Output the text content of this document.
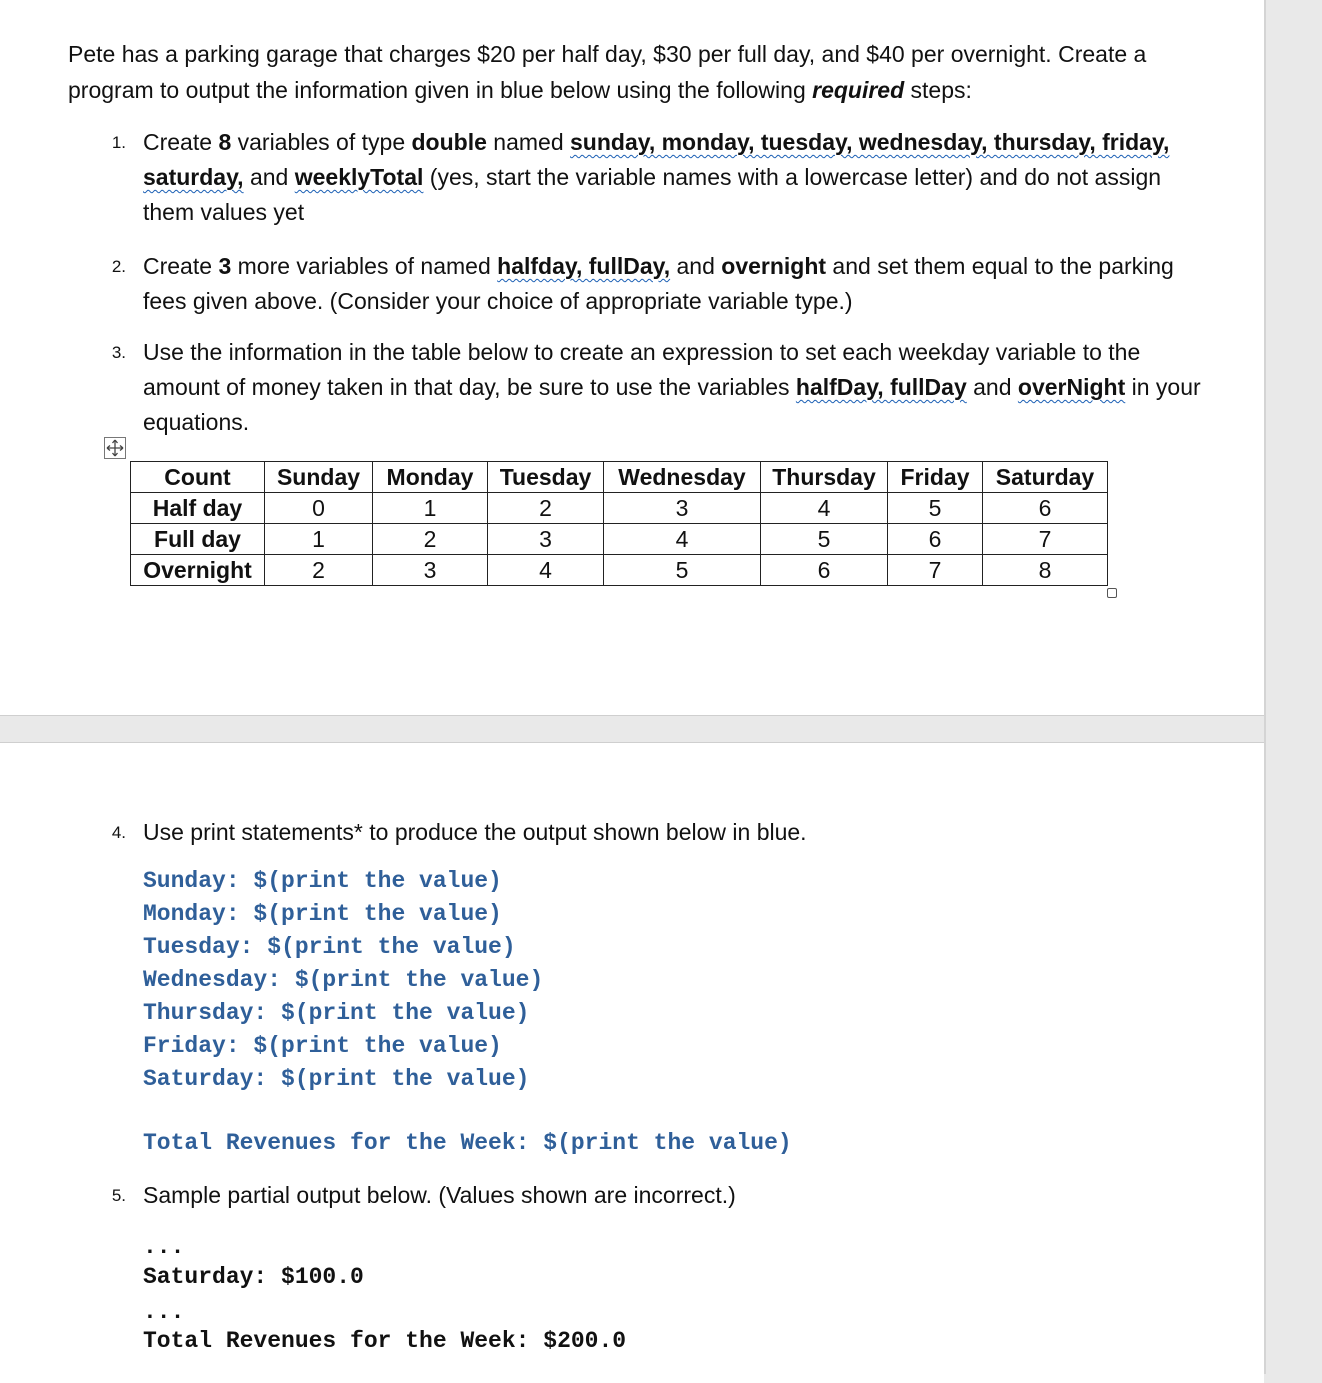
Pete has a parking garage that charges $20 per half day, $30 per full day, and $40 per overnight. Create a program to output the information given in blue below using the following required steps:

1. Create 8 variables of type double named sunday, monday, tuesday, wednesday, thursday, friday, saturday, and weeklyTotal (yes, start the variable names with a lowercase letter) and do not assign them values yet
2. Create 3 more variables of named halfday, fullDay, and overnight and set them equal to the parking fees given above. (Consider your choice of appropriate variable type.)
3. Use the information in the table below to create an expression to set each weekday variable to the amount of money taken in that day, be sure to use the variables halfDay, fullDay and overNight in your equations.
Count	Sunday	Monday	Tuesday	Wednesday	Thursday	Friday	Saturday
Half day	0	1	2	3	4	5	6
Full day	1	2	3	4	5	6	7
Overnight	2	3	4	5	6	7	8
4. Use print statements* to produce the output shown below in blue.
Sunday: $(print the value)
Monday: $(print the value)
Tuesday: $(print the value)
Wednesday: $(print the value)
Thursday: $(print the value)
Friday: $(print the value)
Saturday: $(print the value)
Total Revenues for the Week: $(print the value)
5. Sample partial output below. (Values shown are incorrect.)
...
Saturday: $100.0
...
Total Revenues for the Week: $200.0
